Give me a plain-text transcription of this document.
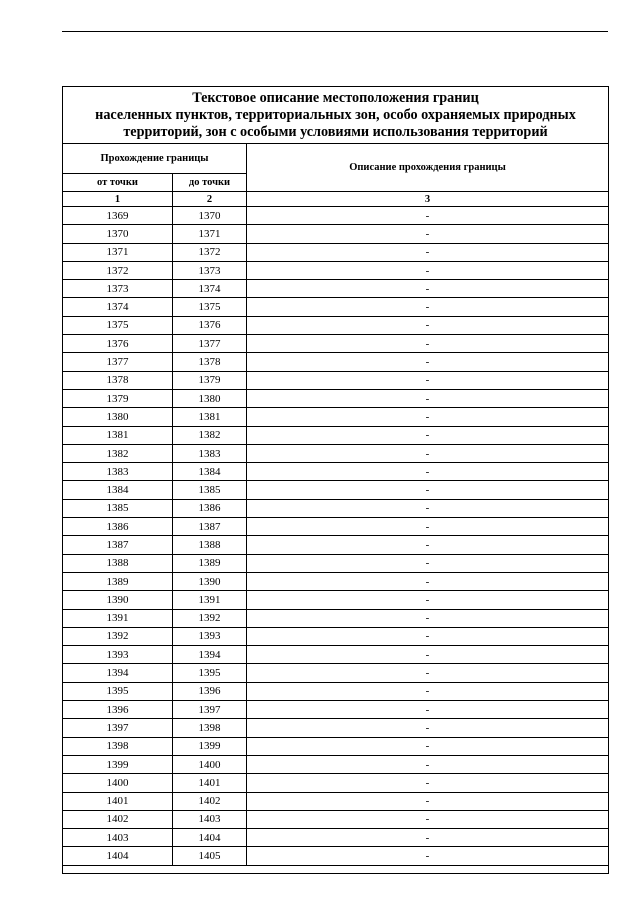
Текстовое описание местоположения границ
населенных пунктов, территориальных зон, особо охраняемых природных
территорий, зон с особыми условиями использования территорий		

Прохождение границы		Описание прохождения границы
от точки	до точки	
1	2	3
1369	1370	-
1370	1371	-
1371	1372	-
1372	1373	-
1373	1374	-
1374	1375	-
1375	1376	-
1376	1377	-
1377	1378	-
1378	1379	-
1379	1380	-
1380	1381	-
1381	1382	-
1382	1383	-
1383	1384	-
1384	1385	-
1385	1386	-
1386	1387	-
1387	1388	-
1388	1389	-
1389	1390	-
1390	1391	-
1391	1392	-
1392	1393	-
1393	1394	-
1394	1395	-
1395	1396	-
1396	1397	-
1397	1398	-
1398	1399	-
1399	1400	-
1400	1401	-
1401	1402	-
1402	1403	-
1403	1404	-
1404	1405	-
